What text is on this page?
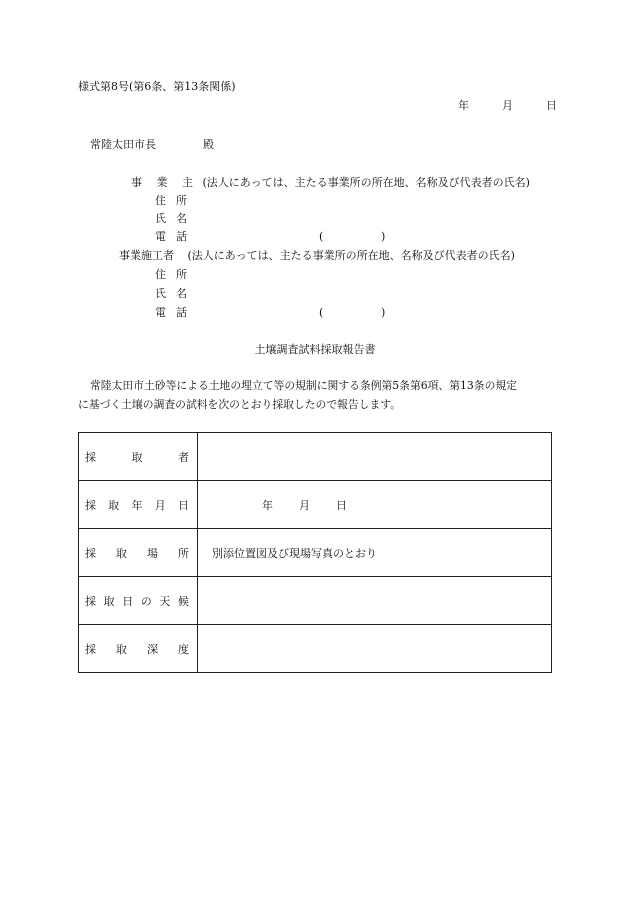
様式第8号(第6条、第13条関係)
年	月	日
常陸太田市長	殿
事業主 (法人にあっては、主たる事業所の所在地、名称及び代表者の氏名)
住所
氏名
電話	(	)
事業施工者 (法人にあっては、主たる事業所の所在地、名称及び代表者の氏名)
住所
氏名
電話	(	)
土壌調査試料採取報告書
常陸太田市土砂等による土地の埋立て等の規制に関する条例第5条第6項、第13条の規定
に基づく土壌の調査の試料を次のとおり採取したので報告します。
採取者	

採取年月日	年 月 日

採取場所	別添位置図及び現場写真のとおり

採取日の天候	

採取深度	
